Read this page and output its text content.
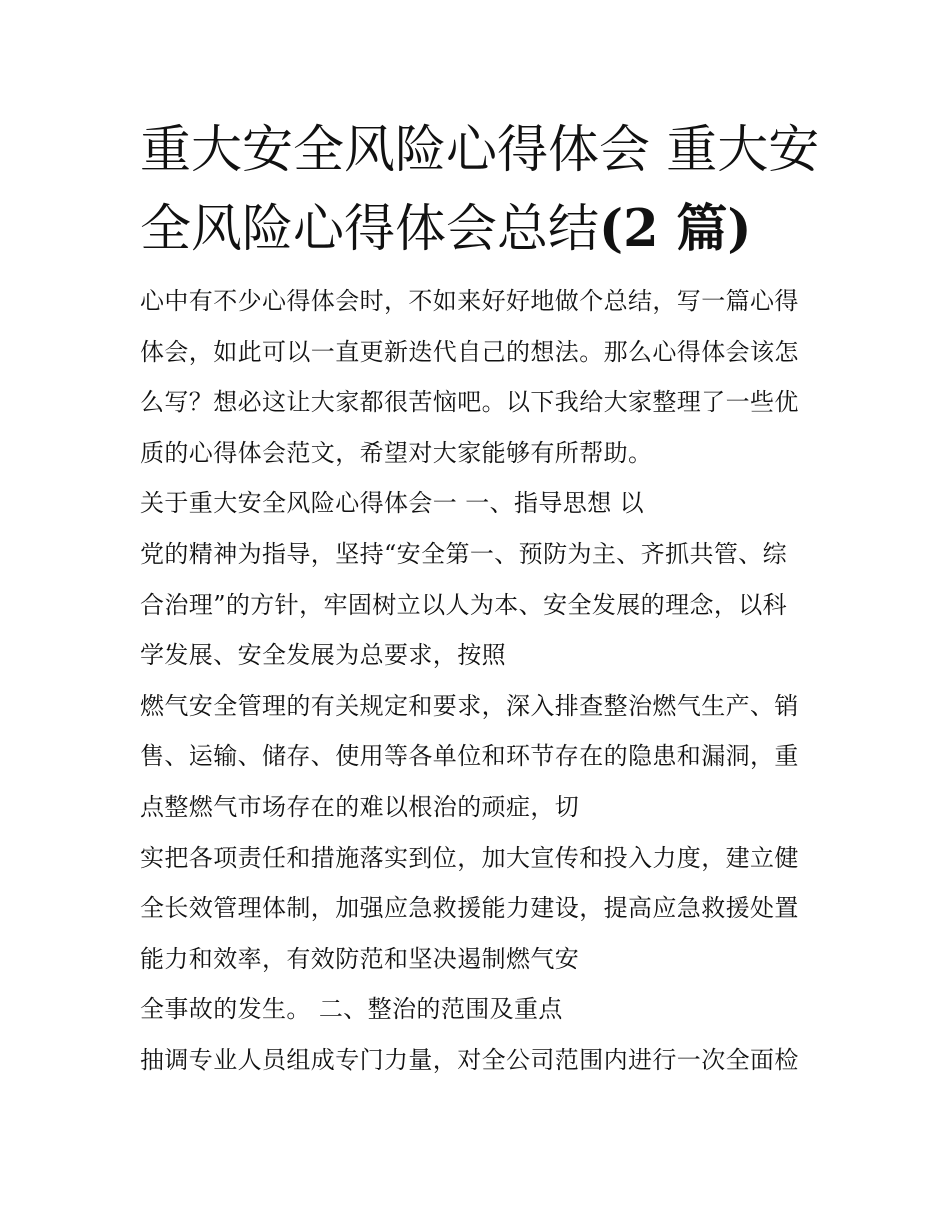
重大安全风险心得体会 重大安
全风险心得体会总结(2 篇)
心中有不少心得体会时，不如来好好地做个总结，写一篇心得
体会，如此可以一直更新迭代自己的想法。那么心得体会该怎
么写？想必这让大家都很苦恼吧。以下我给大家整理了一些优
质的心得体会范文，希望对大家能够有所帮助。
关于重大安全风险心得体会一 一、指导思想 以
党的精神为指导，坚持“安全第一、预防为主、齐抓共管、综
合治理”的方针，牢固树立以人为本、安全发展的理念，以科
学发展、安全发展为总要求，按照
燃气安全管理的有关规定和要求，深入排查整治燃气生产、销
售、运输、储存、使用等各单位和环节存在的隐患和漏洞，重
点整燃气市场存在的难以根治的顽症，切
实把各项责任和措施落实到位，加大宣传和投入力度，建立健
全长效管理体制，加强应急救援能力建设，提高应急救援处置
能力和效率，有效防范和坚决遏制燃气安
全事故的发生。 二、整治的范围及重点
抽调专业人员组成专门力量，对全公司范围内进行一次全面检
